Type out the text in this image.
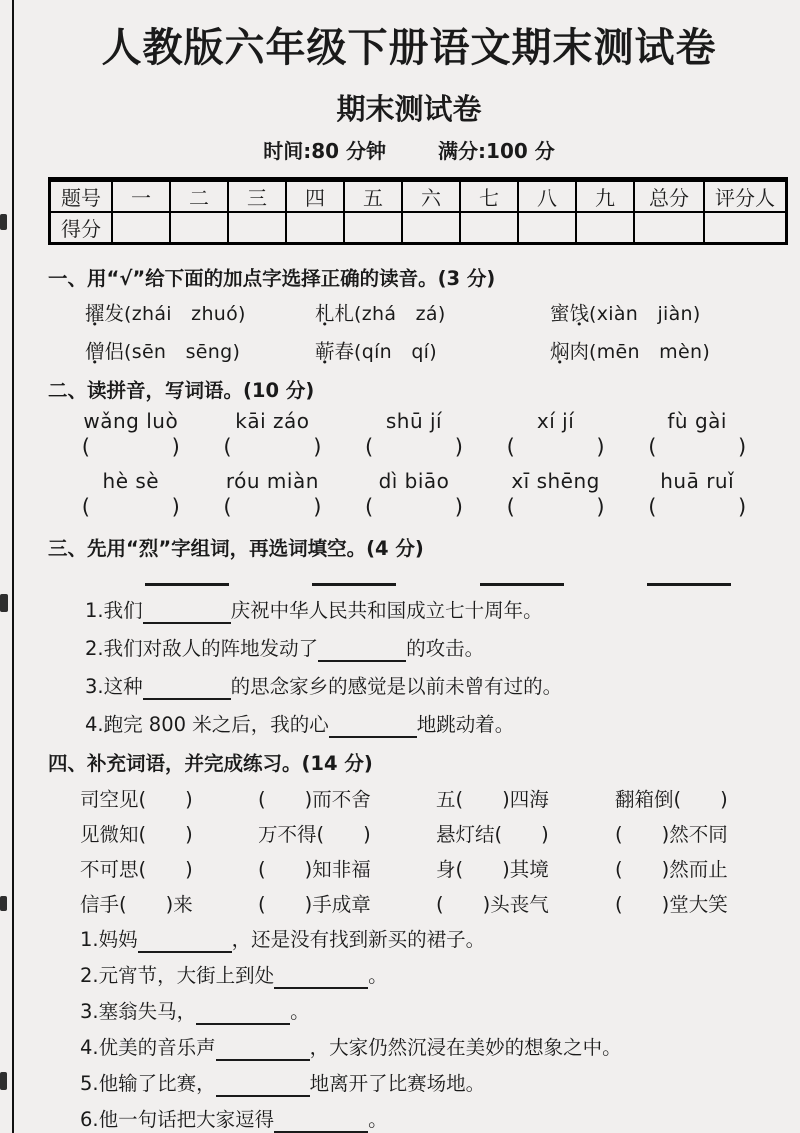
人教版六年级下册语文期末测试卷
期末测试卷
时间:80 分钟	满分:100 分
题号	一	二	三	四	五	六	七	八	九	总分	评分人
得分											
一、用“√”给下面的加点字选择正确的读音。(3 分)
擢发(zhái　zhuó)	札札(zhá　zá)	蜜饯(xiàn　jiàn)
僧侣(sēn　sēng)	蕲春(qín　qí)	焖肉(mēn　mèn)
二、读拼音，写词语。(10 分)
wǎng luò	kāi záo	shū jí	xí jí	fù gài
(	) (	) (	) (	) (	)
hè sè	róu miàn	dì biāo	xī shēng	huā ruǐ
(	) (	) (	) (	) (	)
三、先用“烈”字组词，再选词填空。(4 分)
1.我们	庆祝中华人民共和国成立七十周年。
2.我们对敌人的阵地发动了	的攻击。
3.这种	的思念家乡的感觉是以前未曾有过的。
4.跑完 800 米之后，我的心	地跳动着。
四、补充词语，并完成练习。(14 分)
司空见(　　)	(　　)而不舍	五(　　)四海	翻箱倒(　　)
见微知(　　)	万不得(　　)	悬灯结(　　)	(　　)然不同
不可思(　　)	(　　)知非福	身(　　)其境	(　　)然而止
信手(　　)来	(　　)手成章	(　　)头丧气	(　　)堂大笑
1.妈妈	，还是没有找到新买的裙子。
2.元宵节，大街上到处	。
3.塞翁失马，	。
4.优美的音乐声	，大家仍然沉浸在美妙的想象之中。
5.他输了比赛，	地离开了比赛场地。
6.他一句话把大家逗得	。
